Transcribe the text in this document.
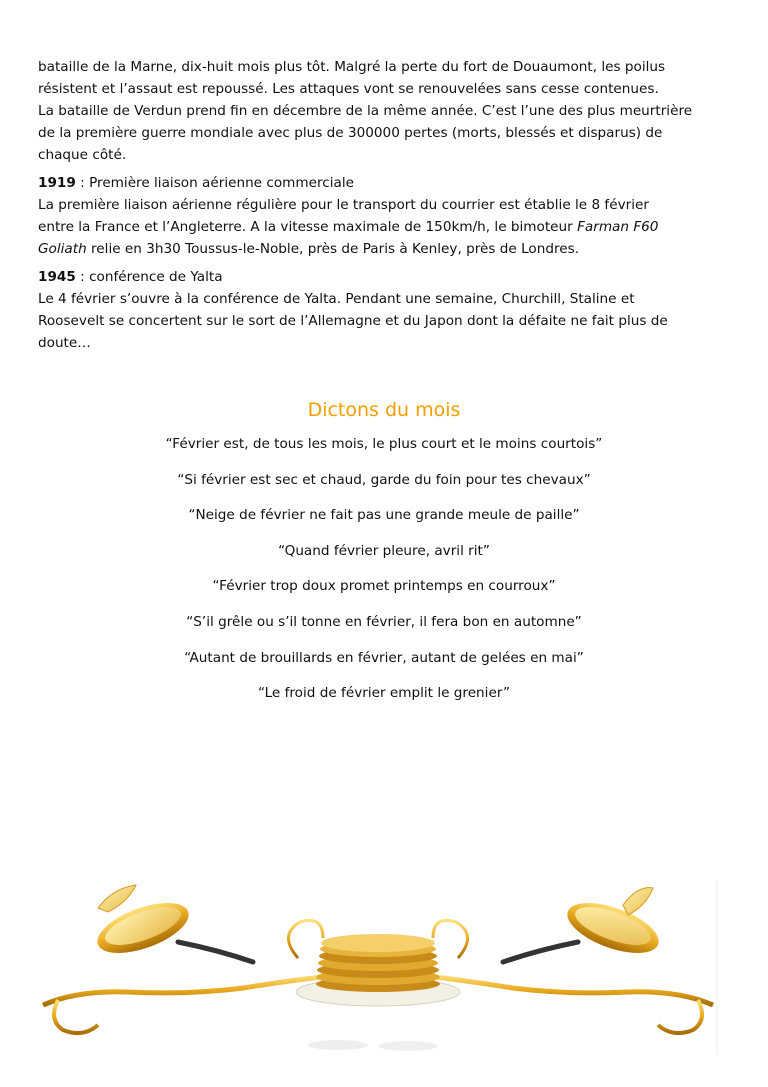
bataille de la Marne, dix-huit mois plus tôt. Malgré la perte du fort de Douaumont, les poilus
résistent et l’assaut est repoussé. Les attaques vont se renouvelées sans cesse contenues.
La bataille de Verdun prend fin en décembre de la même année. C’est l’une des plus meurtrière
de la première guerre mondiale avec plus de 300000 pertes (morts, blessés et disparus) de
chaque côté.

1919 : Première liaison aérienne commerciale
La première liaison aérienne régulière pour le transport du courrier est établie le 8 février
entre la France et l’Angleterre. A la vitesse maximale de 150km/h, le bimoteur Farman F60
Goliath relie en 3h30 Toussus-le-Noble, près de Paris à Kenley, près de Londres.

1945 : conférence de Yalta
Le 4 février s’ouvre à la conférence de Yalta. Pendant une semaine, Churchill, Staline et
Roosevelt se concertent sur le sort de l’Allemagne et du Japon dont la défaite ne fait plus de
doute…

Dictons du mois

“Février est, de tous les mois, le plus court et le moins courtois”

“Si février est sec et chaud, garde du foin pour tes chevaux”

“Neige de février ne fait pas une grande meule de paille”

“Quand février pleure, avril rit”

“Février trop doux promet printemps en courroux”

“S’il grêle ou s’il tonne en février, il fera bon en automne”

“Autant de brouillards en février, autant de gelées en mai”

“Le froid de février emplit le grenier”
